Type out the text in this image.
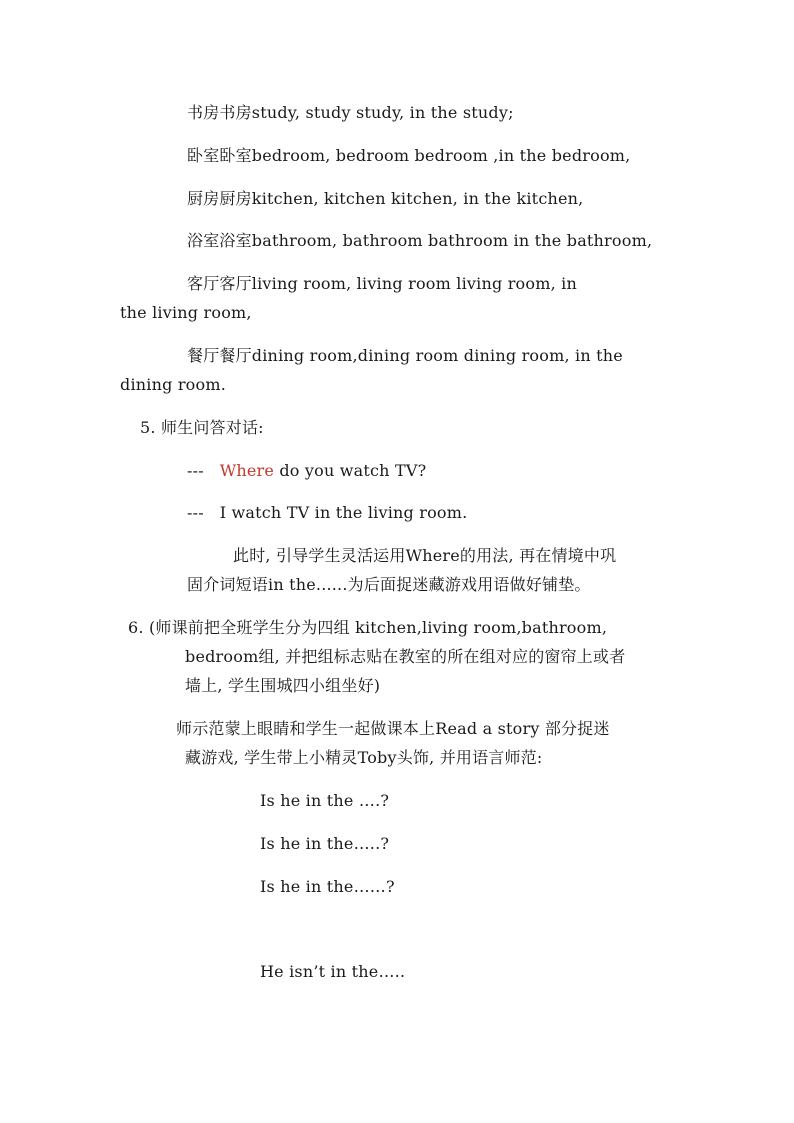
书房书房study, study study, in the study;
卧室卧室bedroom, bedroom bedroom ,in the bedroom,
厨房厨房kitchen, kitchen kitchen, in the kitchen,
浴室浴室bathroom, bathroom bathroom in the bathroom,
客厅客厅living room, living room living room, in
the living room,
餐厅餐厅dining room,dining room dining room, in the
dining room.
5. 师生问答对话:
--- Where do you watch TV?
--- I watch TV in the living room.
此时, 引导学生灵活运用Where的用法, 再在情境中巩
固介词短语in the......为后面捉迷藏游戏用语做好铺垫。
6. (师课前把全班学生分为四组 kitchen,living room,bathroom,
bedroom组, 并把组标志贴在教室的所在组对应的窗帘上或者
墙上, 学生围城四小组坐好)
师示范蒙上眼睛和学生一起做课本上Read a story 部分捉迷
藏游戏, 学生带上小精灵Toby头饰, 并用语言师范:
Is he in the ….?
Is he in the…..?
Is he in the……?
He isn’t in the…..
